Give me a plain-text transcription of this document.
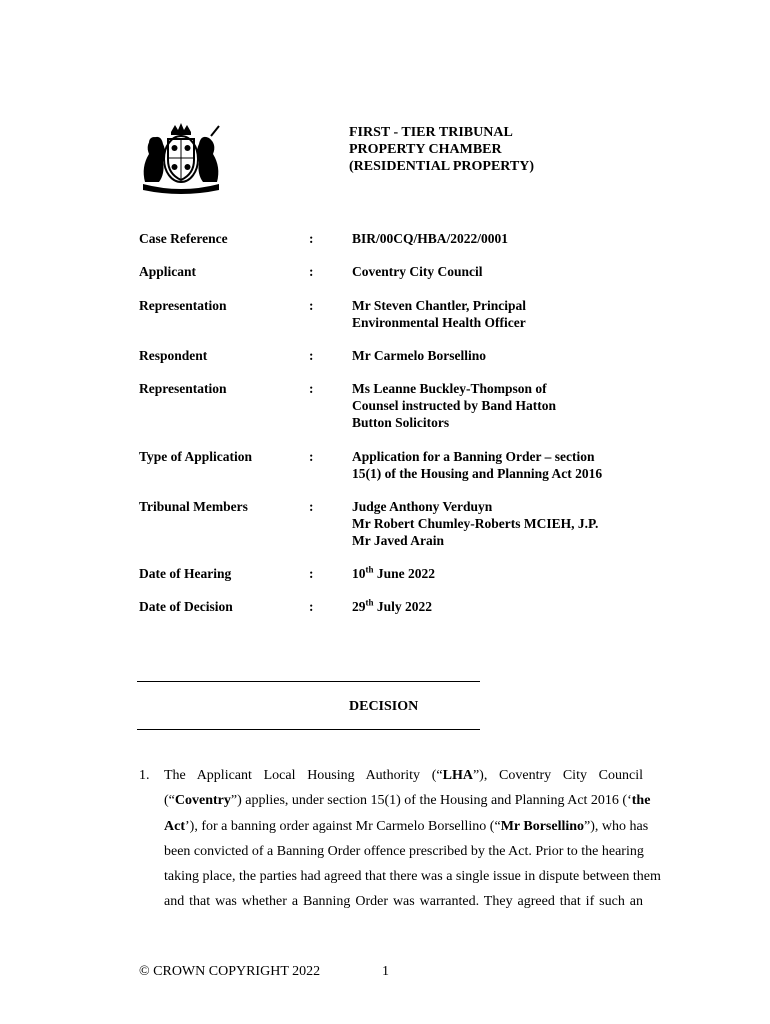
FIRST - TIER TRIBUNAL
PROPERTY CHAMBER
(RESIDENTIAL PROPERTY)
Case Reference	:	BIR/00CQ/HBA/2022/0001
Applicant	:	Coventry City Council
Representation	:	Mr Steven Chantler, Principal
Environmental Health Officer
Respondent	:	Mr Carmelo Borsellino
Representation	:	Ms Leanne Buckley-Thompson of
Counsel instructed by Band Hatton
Button Solicitors
Type of Application	:	Application for a Banning Order – section
15(1) of the Housing and Planning Act 2016
Tribunal Members	:	Judge Anthony Verduyn
Mr Robert Chumley-Roberts MCIEH, J.P.
Mr Javed Arain
Date of Hearing	:	10th June 2022
Date of Decision	:	29th July 2022
DECISION
1. The Applicant Local Housing Authority (“LHA”), Coventry City Council
(“Coventry”) applies, under section 15(1) of the Housing and Planning Act 2016 (‘the
Act’), for a banning order against Mr Carmelo Borsellino (“Mr Borsellino”), who has
been convicted of a Banning Order offence prescribed by the Act. Prior to the hearing
taking place, the parties had agreed that there was a single issue in dispute between them
and that was whether a Banning Order was warranted. They agreed that if such an
© CROWN COPYRIGHT 2022	1
